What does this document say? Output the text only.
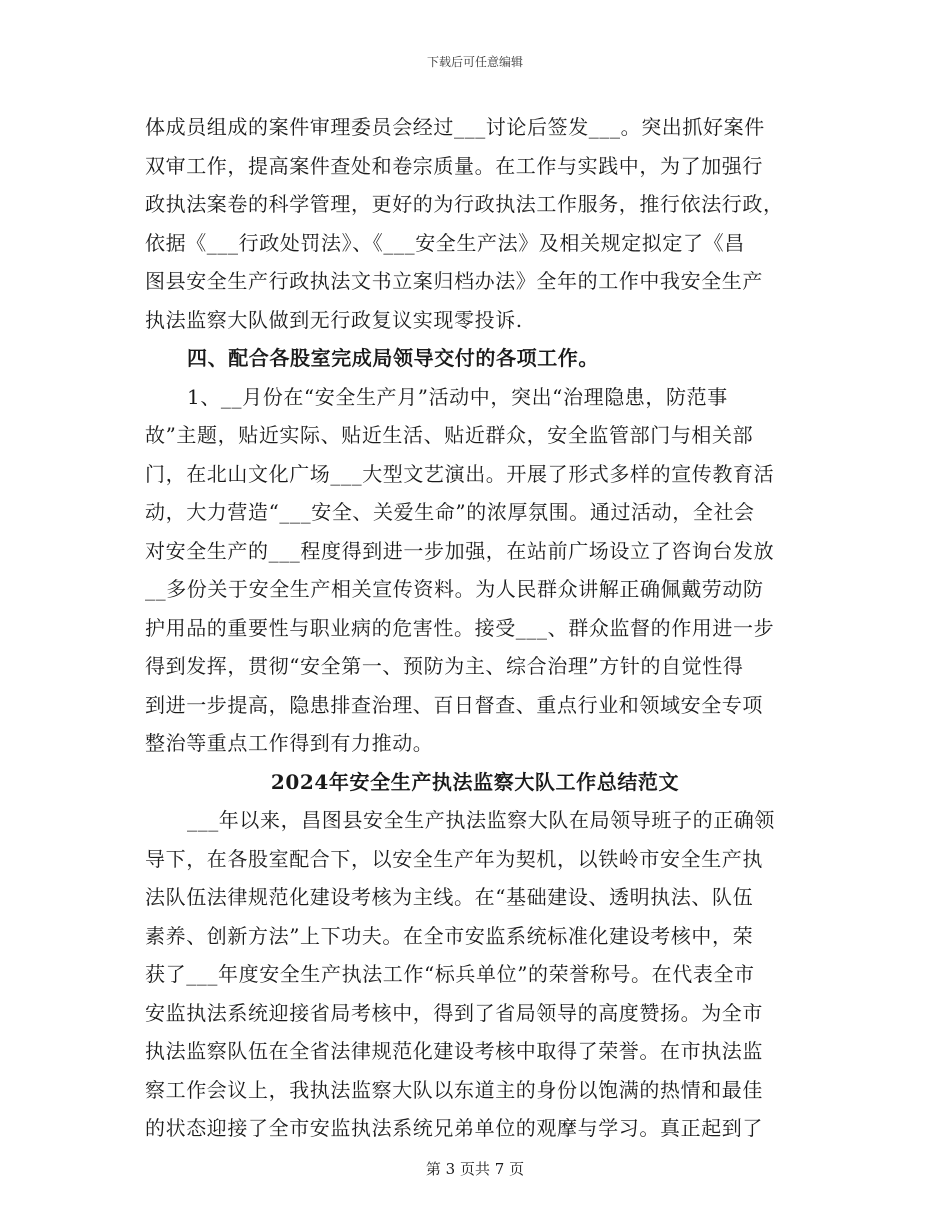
下载后可任意编辑
体成员组成的案件审理委员会经过___讨论后签发___。突出抓好案件
双审工作，提高案件查处和卷宗质量。在工作与实践中，为了加强行
政执法案卷的科学管理，更好的为行政执法工作服务，推行依法行政，
依据《___行政处罚法》、《___安全生产法》及相关规定拟定了《昌
图县安全生产行政执法文书立案归档办法》全年的工作中我安全生产
执法监察大队做到无行政复议实现零投诉.
四、配合各股室完成局领导交付的各项工作。
1、__月份在“安全生产月”活动中，突出“治理隐患，防范事
故”主题，贴近实际、贴近生活、贴近群众，安全监管部门与相关部
门，在北山文化广场___大型文艺演出。开展了形式多样的宣传教育活
动，大力营造“___安全、关爱生命”的浓厚氛围。通过活动，全社会
对安全生产的___程度得到进一步加强，在站前广场设立了咨询台发放
__多份关于安全生产相关宣传资料。为人民群众讲解正确佩戴劳动防
护用品的重要性与职业病的危害性。接受___、群众监督的作用进一步
得到发挥，贯彻“安全第一、预防为主、综合治理”方针的自觉性得
到进一步提高，隐患排查治理、百日督查、重点行业和领域安全专项
整治等重点工作得到有力推动。
2024年安全生产执法监察大队工作总结范文
___年以来，昌图县安全生产执法监察大队在局领导班子的正确领
导下，在各股室配合下，以安全生产年为契机，以铁岭市安全生产执
法队伍法律规范化建设考核为主线。在“基础建设、透明执法、队伍
素养、创新方法”上下功夫。在全市安监系统标准化建设考核中，荣
获了___年度安全生产执法工作“标兵单位”的荣誉称号。在代表全市
安监执法系统迎接省局考核中，得到了省局领导的高度赞扬。为全市
执法监察队伍在全省法律规范化建设考核中取得了荣誉。在市执法监
察工作会议上，我执法监察大队以东道主的身份以饱满的热情和最佳
的状态迎接了全市安监执法系统兄弟单位的观摩与学习。真正起到了
第 3 页共 7 页
